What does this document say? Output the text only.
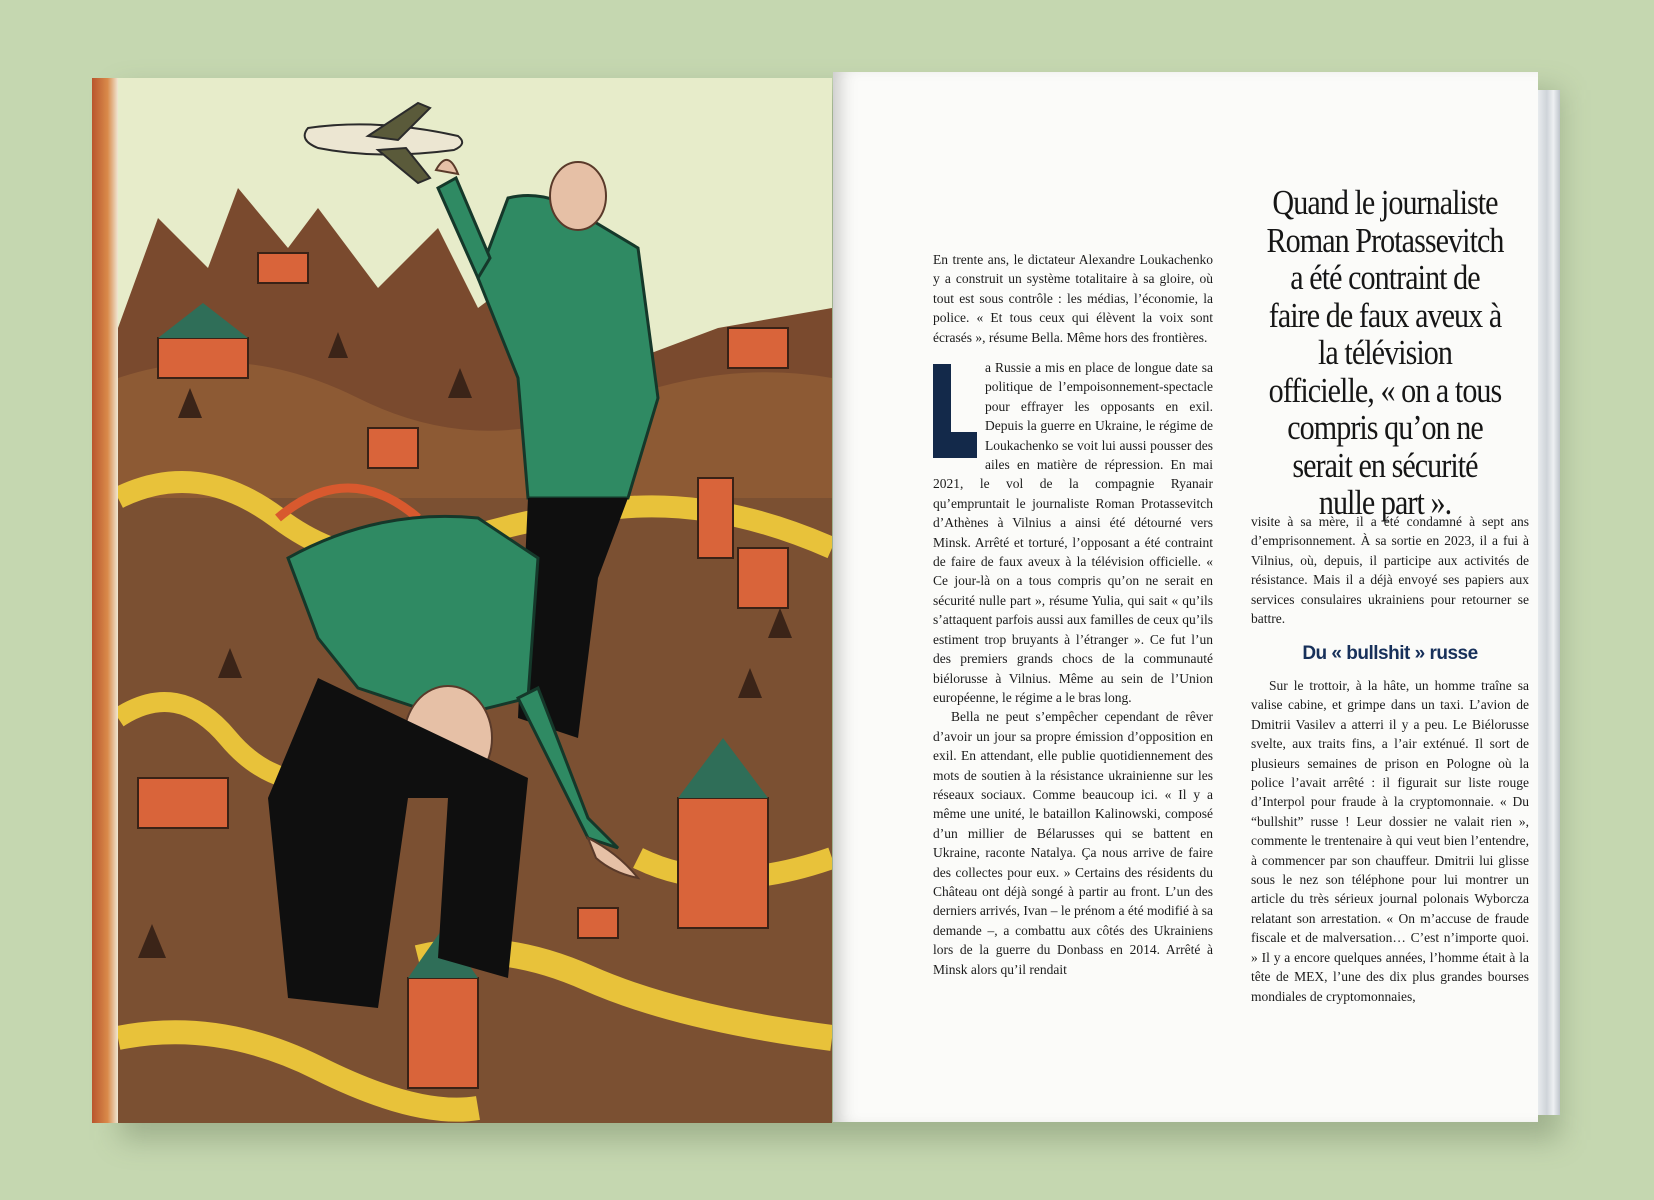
En trente ans, le dictateur Alexandre Loukachenko y a construit un système totalitaire à sa gloire, où tout est sous contrôle : les médias, l’économie, la police. « Et tous ceux qui élèvent la voix sont écrasés », résume Bella. Même hors des frontières.

a Russie a mis en place de longue date sa politique de l’empoisonnement-spectacle pour effrayer les opposants en exil. Depuis la guerre en Ukraine, le régime de Loukachenko se voit lui aussi pousser des ailes en matière de répression. En mai 2021, le vol de la compagnie Ryanair qu’empruntait le journaliste Roman Protassevitch d’Athènes à Vilnius a ainsi été détourné vers Minsk. Arrêté et torturé, l’opposant a été contraint de faire de faux aveux à la télévision officielle. « Ce jour-là on a tous compris qu’on ne serait en sécurité nulle part », résume Yulia, qui sait « qu’ils s’attaquent parfois aussi aux familles de ceux qu’ils estiment trop bruyants à l’étranger ». Ce fut l’un des premiers grands chocs de la communauté biélorusse à Vilnius. Même au sein de l’Union européenne, le régime a le bras long.

Bella ne peut s’empêcher cependant de rêver d’avoir un jour sa propre émission d’opposition en exil. En attendant, elle publie quotidiennement des mots de soutien à la résistance ukrainienne sur les réseaux sociaux. Comme beaucoup ici. « Il y a même une unité, le bataillon Kalinowski, composé d’un millier de Bélarusses qui se battent en Ukraine, raconte Natalya. Ça nous arrive de faire des collectes pour eux. » Certains des résidents du Château ont déjà songé à partir au front. L’un des derniers arrivés, Ivan – le prénom a été modifié à sa demande –, a combattu aux côtés des Ukrainiens lors de la guerre du Donbass en 2014. Arrêté à Minsk alors qu’il rendait

Quand le journaliste Roman Protassevitch a été contraint de faire de faux aveux à la télévision officielle, « on a tous compris qu’on ne serait en sécurité nulle part ».

visite à sa mère, il a été condamné à sept ans d’emprisonnement. À sa sortie en 2023, il a fui à Vilnius, où, depuis, il participe aux activités de résistance. Mais il a déjà envoyé ses papiers aux services consulaires ukrainiens pour retourner se battre.

Du « bullshit » russe

Sur le trottoir, à la hâte, un homme traîne sa valise cabine, et grimpe dans un taxi. L’avion de Dmitrii Vasilev a atterri il y a peu. Le Biélorusse svelte, aux traits fins, a l’air exténué. Il sort de plusieurs semaines de prison en Pologne où la police l’avait arrêté : il figurait sur liste rouge d’Interpol pour fraude à la cryptomonnaie. « Du “bullshit” russe ! Leur dossier ne valait rien », commente le trentenaire à qui veut bien l’entendre, à commencer par son chauffeur. Dmitrii lui glisse sous le nez son téléphone pour lui montrer un article du très sérieux journal polonais Wyborcza relatant son arrestation. « On m’accuse de fraude fiscale et de malversation… C’est n’importe quoi. » Il y a encore quelques années, l’homme était à la tête de MEX, l’une des dix plus grandes bourses mondiales de cryptomonnaies,
